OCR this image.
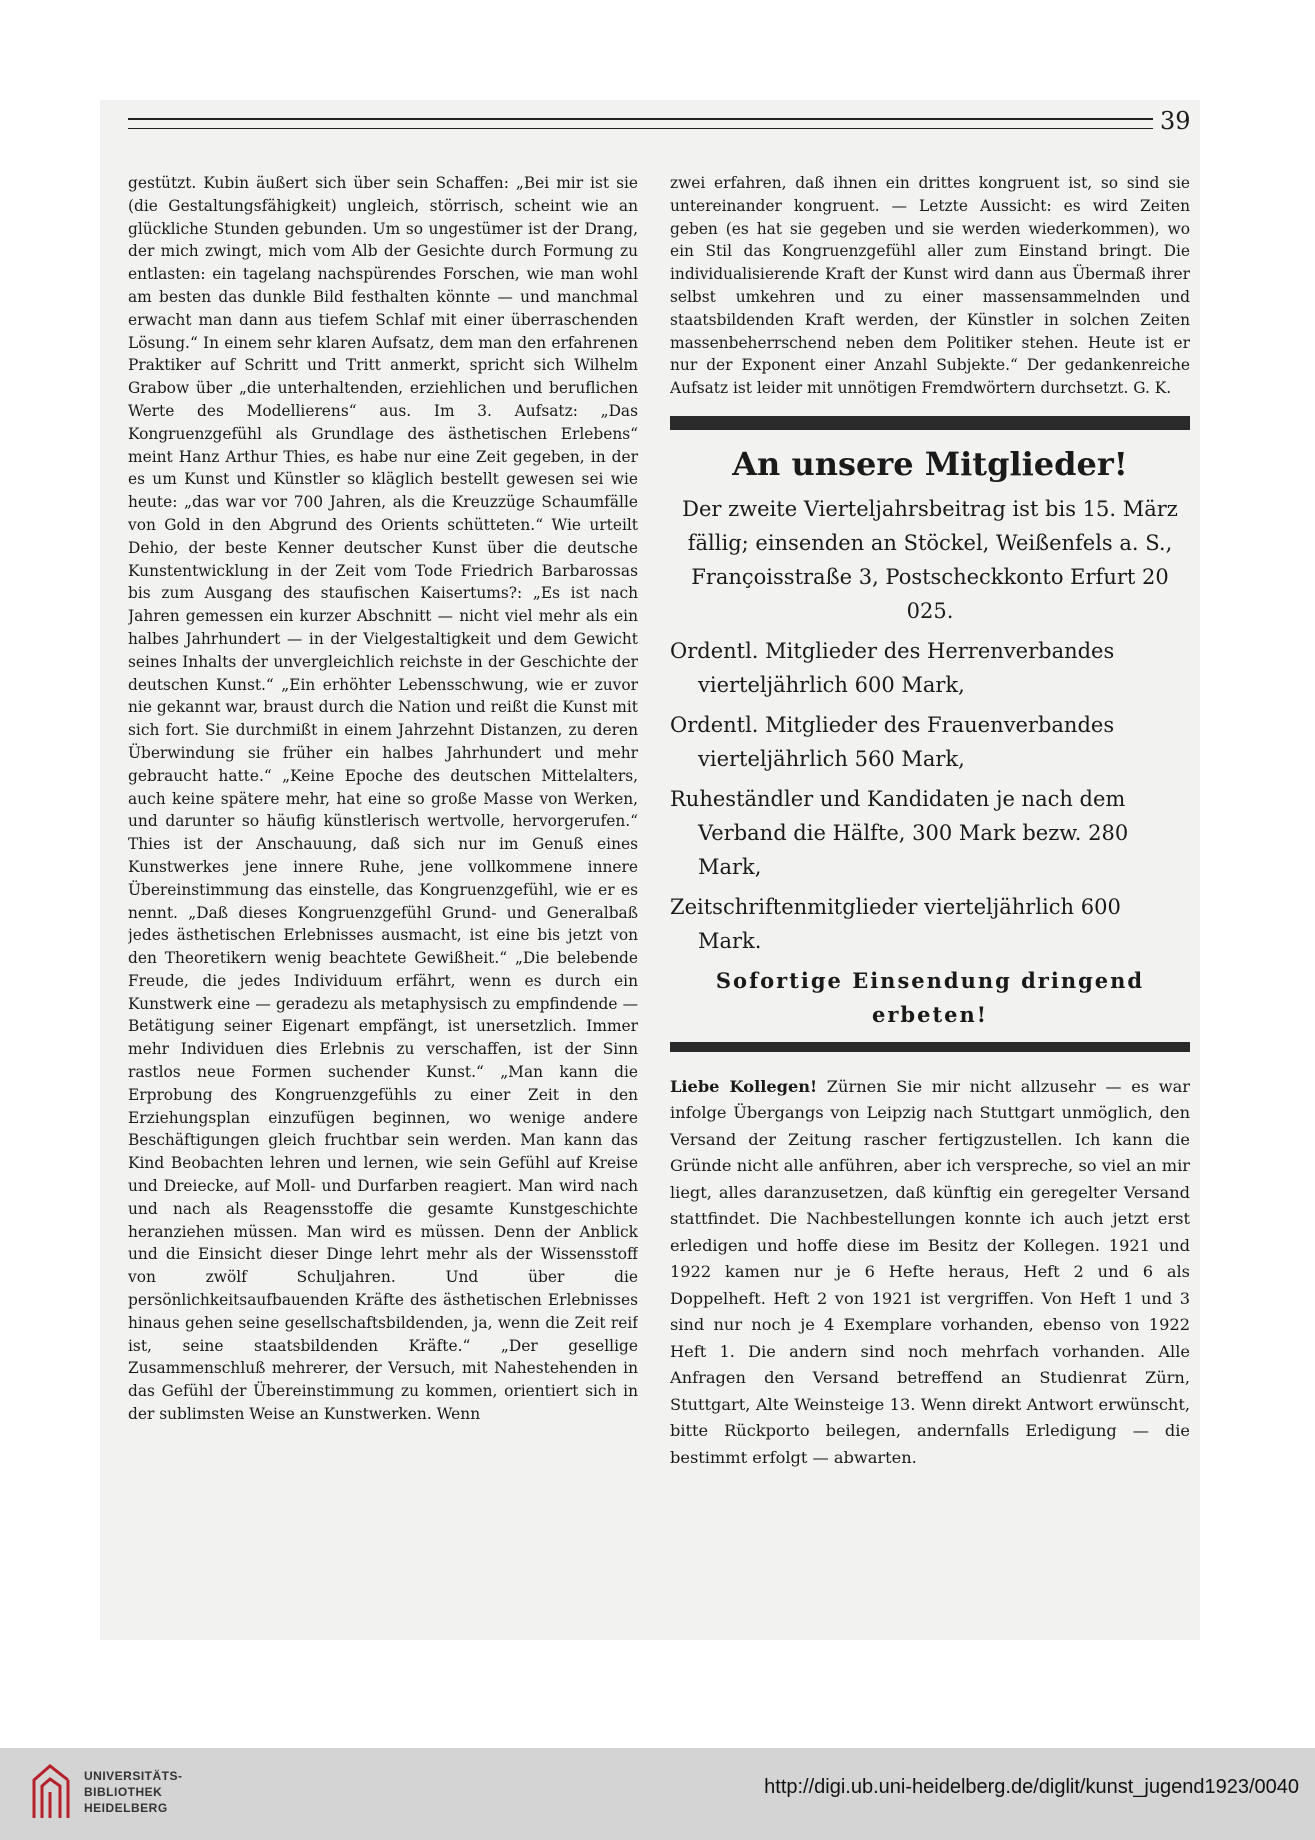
39

gestützt. Kubin äußert sich über sein Schaffen: „Bei mir ist sie (die Gestaltungsfähigkeit) ungleich, störrisch, scheint wie an glückliche Stunden gebunden. Um so ungestümer ist der Drang, der mich zwingt, mich vom Alb der Gesichte durch Formung zu entlasten: ein tagelang nachspürendes Forschen, wie man wohl am besten das dunkle Bild festhalten könnte — und manchmal erwacht man dann aus tiefem Schlaf mit einer überraschenden Lösung.“ In einem sehr klaren Aufsatz, dem man den erfahrenen Praktiker auf Schritt und Tritt anmerkt, spricht sich Wilhelm Grabow über „die unterhaltenden, erziehlichen und beruflichen Werte des Modellierens“ aus. Im 3. Aufsatz: „Das Kongruenzgefühl als Grundlage des ästhetischen Erlebens“ meint Hanz Arthur Thies, es habe nur eine Zeit gegeben, in der es um Kunst und Künstler so kläglich bestellt gewesen sei wie heute: „das war vor 700 Jahren, als die Kreuzzüge Schaumfälle von Gold in den Abgrund des Orients schütteten.“ Wie urteilt Dehio, der beste Kenner deutscher Kunst über die deutsche Kunstentwicklung in der Zeit vom Tode Friedrich Barbarossas bis zum Ausgang des staufischen Kaisertums?: „Es ist nach Jahren gemessen ein kurzer Abschnitt — nicht viel mehr als ein halbes Jahrhundert — in der Vielgestaltigkeit und dem Gewicht seines Inhalts der unvergleichlich reichste in der Geschichte der deutschen Kunst.“ „Ein erhöhter Lebensschwung, wie er zuvor nie gekannt war, braust durch die Nation und reißt die Kunst mit sich fort. Sie durchmißt in einem Jahrzehnt Distanzen, zu deren Überwindung sie früher ein halbes Jahrhundert und mehr gebraucht hatte.“ „Keine Epoche des deutschen Mittelalters, auch keine spätere mehr, hat eine so große Masse von Werken, und darunter so häufig künstlerisch wertvolle, hervorgerufen.“ Thies ist der Anschauung, daß sich nur im Genuß eines Kunstwerkes jene innere Ruhe, jene vollkommene innere Übereinstimmung das einstelle, das Kongruenzgefühl, wie er es nennt. „Daß dieses Kongruenzgefühl Grund- und Generalbaß jedes ästhetischen Erlebnisses ausmacht, ist eine bis jetzt von den Theoretikern wenig beachtete Gewißheit.“ „Die belebende Freude, die jedes Individuum erfährt, wenn es durch ein Kunstwerk eine — geradezu als metaphysisch zu empfindende — Betätigung seiner Eigenart empfängt, ist unersetzlich. Immer mehr Individuen dies Erlebnis zu verschaffen, ist der Sinn rastlos neue Formen suchender Kunst.“ „Man kann die Erprobung des Kongruenzgefühls zu einer Zeit in den Erziehungsplan einzufügen beginnen, wo wenige andere Beschäftigungen gleich fruchtbar sein werden. Man kann das Kind Beobachten lehren und lernen, wie sein Gefühl auf Kreise und Dreiecke, auf Moll- und Durfarben reagiert. Man wird nach und nach als Reagensstoffe die gesamte Kunstgeschichte heranziehen müssen. Man wird es müssen. Denn der Anblick und die Einsicht dieser Dinge lehrt mehr als der Wissensstoff von zwölf Schuljahren. Und über die persönlichkeitsaufbauenden Kräfte des ästhetischen Erlebnisses hinaus gehen seine gesellschaftsbildenden, ja, wenn die Zeit reif ist, seine staatsbildenden Kräfte.“ „Der gesellige Zusammenschluß mehrerer, der Versuch, mit Nahestehenden in das Gefühl der Übereinstimmung zu kommen, orientiert sich in der sublimsten Weise an Kunstwerken. Wenn

zwei erfahren, daß ihnen ein drittes kongruent ist, so sind sie untereinander kongruent. — Letzte Aussicht: es wird Zeiten geben (es hat sie gegeben und sie werden wiederkommen), wo ein Stil das Kongruenzgefühl aller zum Einstand bringt. Die individualisierende Kraft der Kunst wird dann aus Übermaß ihrer selbst umkehren und zu einer massensammelnden und staatsbildenden Kraft werden, der Künstler in solchen Zeiten massenbeherrschend neben dem Politiker stehen. Heute ist er nur der Exponent einer Anzahl Subjekte.“ Der gedankenreiche Aufsatz ist leider mit unnötigen Fremdwörtern durchsetzt. G. K.

An unsere Mitglieder!

Der zweite Vierteljahrsbeitrag ist bis 15. März fällig; einsenden an Stöckel, Weißenfels a. S., Françoisstraße 3, Postscheckkonto Erfurt 20 025.

Ordentl. Mitglieder des Herrenverbandes vierteljährlich 600 Mark,

Ordentl. Mitglieder des Frauenverbandes vierteljährlich 560 Mark,

Ruheständler und Kandidaten je nach dem Verband die Hälfte, 300 Mark bezw. 280 Mark,

Zeitschriftenmitglieder vierteljährlich 600 Mark.

Sofortige Einsendung dringend erbeten!

Liebe Kollegen! Zürnen Sie mir nicht allzusehr — es war infolge Übergangs von Leipzig nach Stuttgart unmöglich, den Versand der Zeitung rascher fertigzustellen. Ich kann die Gründe nicht alle anführen, aber ich verspreche, so viel an mir liegt, alles daranzusetzen, daß künftig ein geregelter Versand stattfindet. Die Nachbestellungen konnte ich auch jetzt erst erledigen und hoffe diese im Besitz der Kollegen. 1921 und 1922 kamen nur je 6 Hefte heraus, Heft 2 und 6 als Doppelheft. Heft 2 von 1921 ist vergriffen. Von Heft 1 und 3 sind nur noch je 4 Exemplare vorhanden, ebenso von 1922 Heft 1. Die andern sind noch mehrfach vorhanden. Alle Anfragen den Versand betreffend an Studienrat Zürn, Stuttgart, Alte Weinsteige 13. Wenn direkt Antwort erwünscht, bitte Rückporto beilegen, andernfalls Erledigung — die bestimmt erfolgt — abwarten.

UNIVERSITÄTS-
BIBLIOTHEK
HEIDELBERG
http://digi.ub.uni-heidelberg.de/diglit/kunst_jugend1923/0040
